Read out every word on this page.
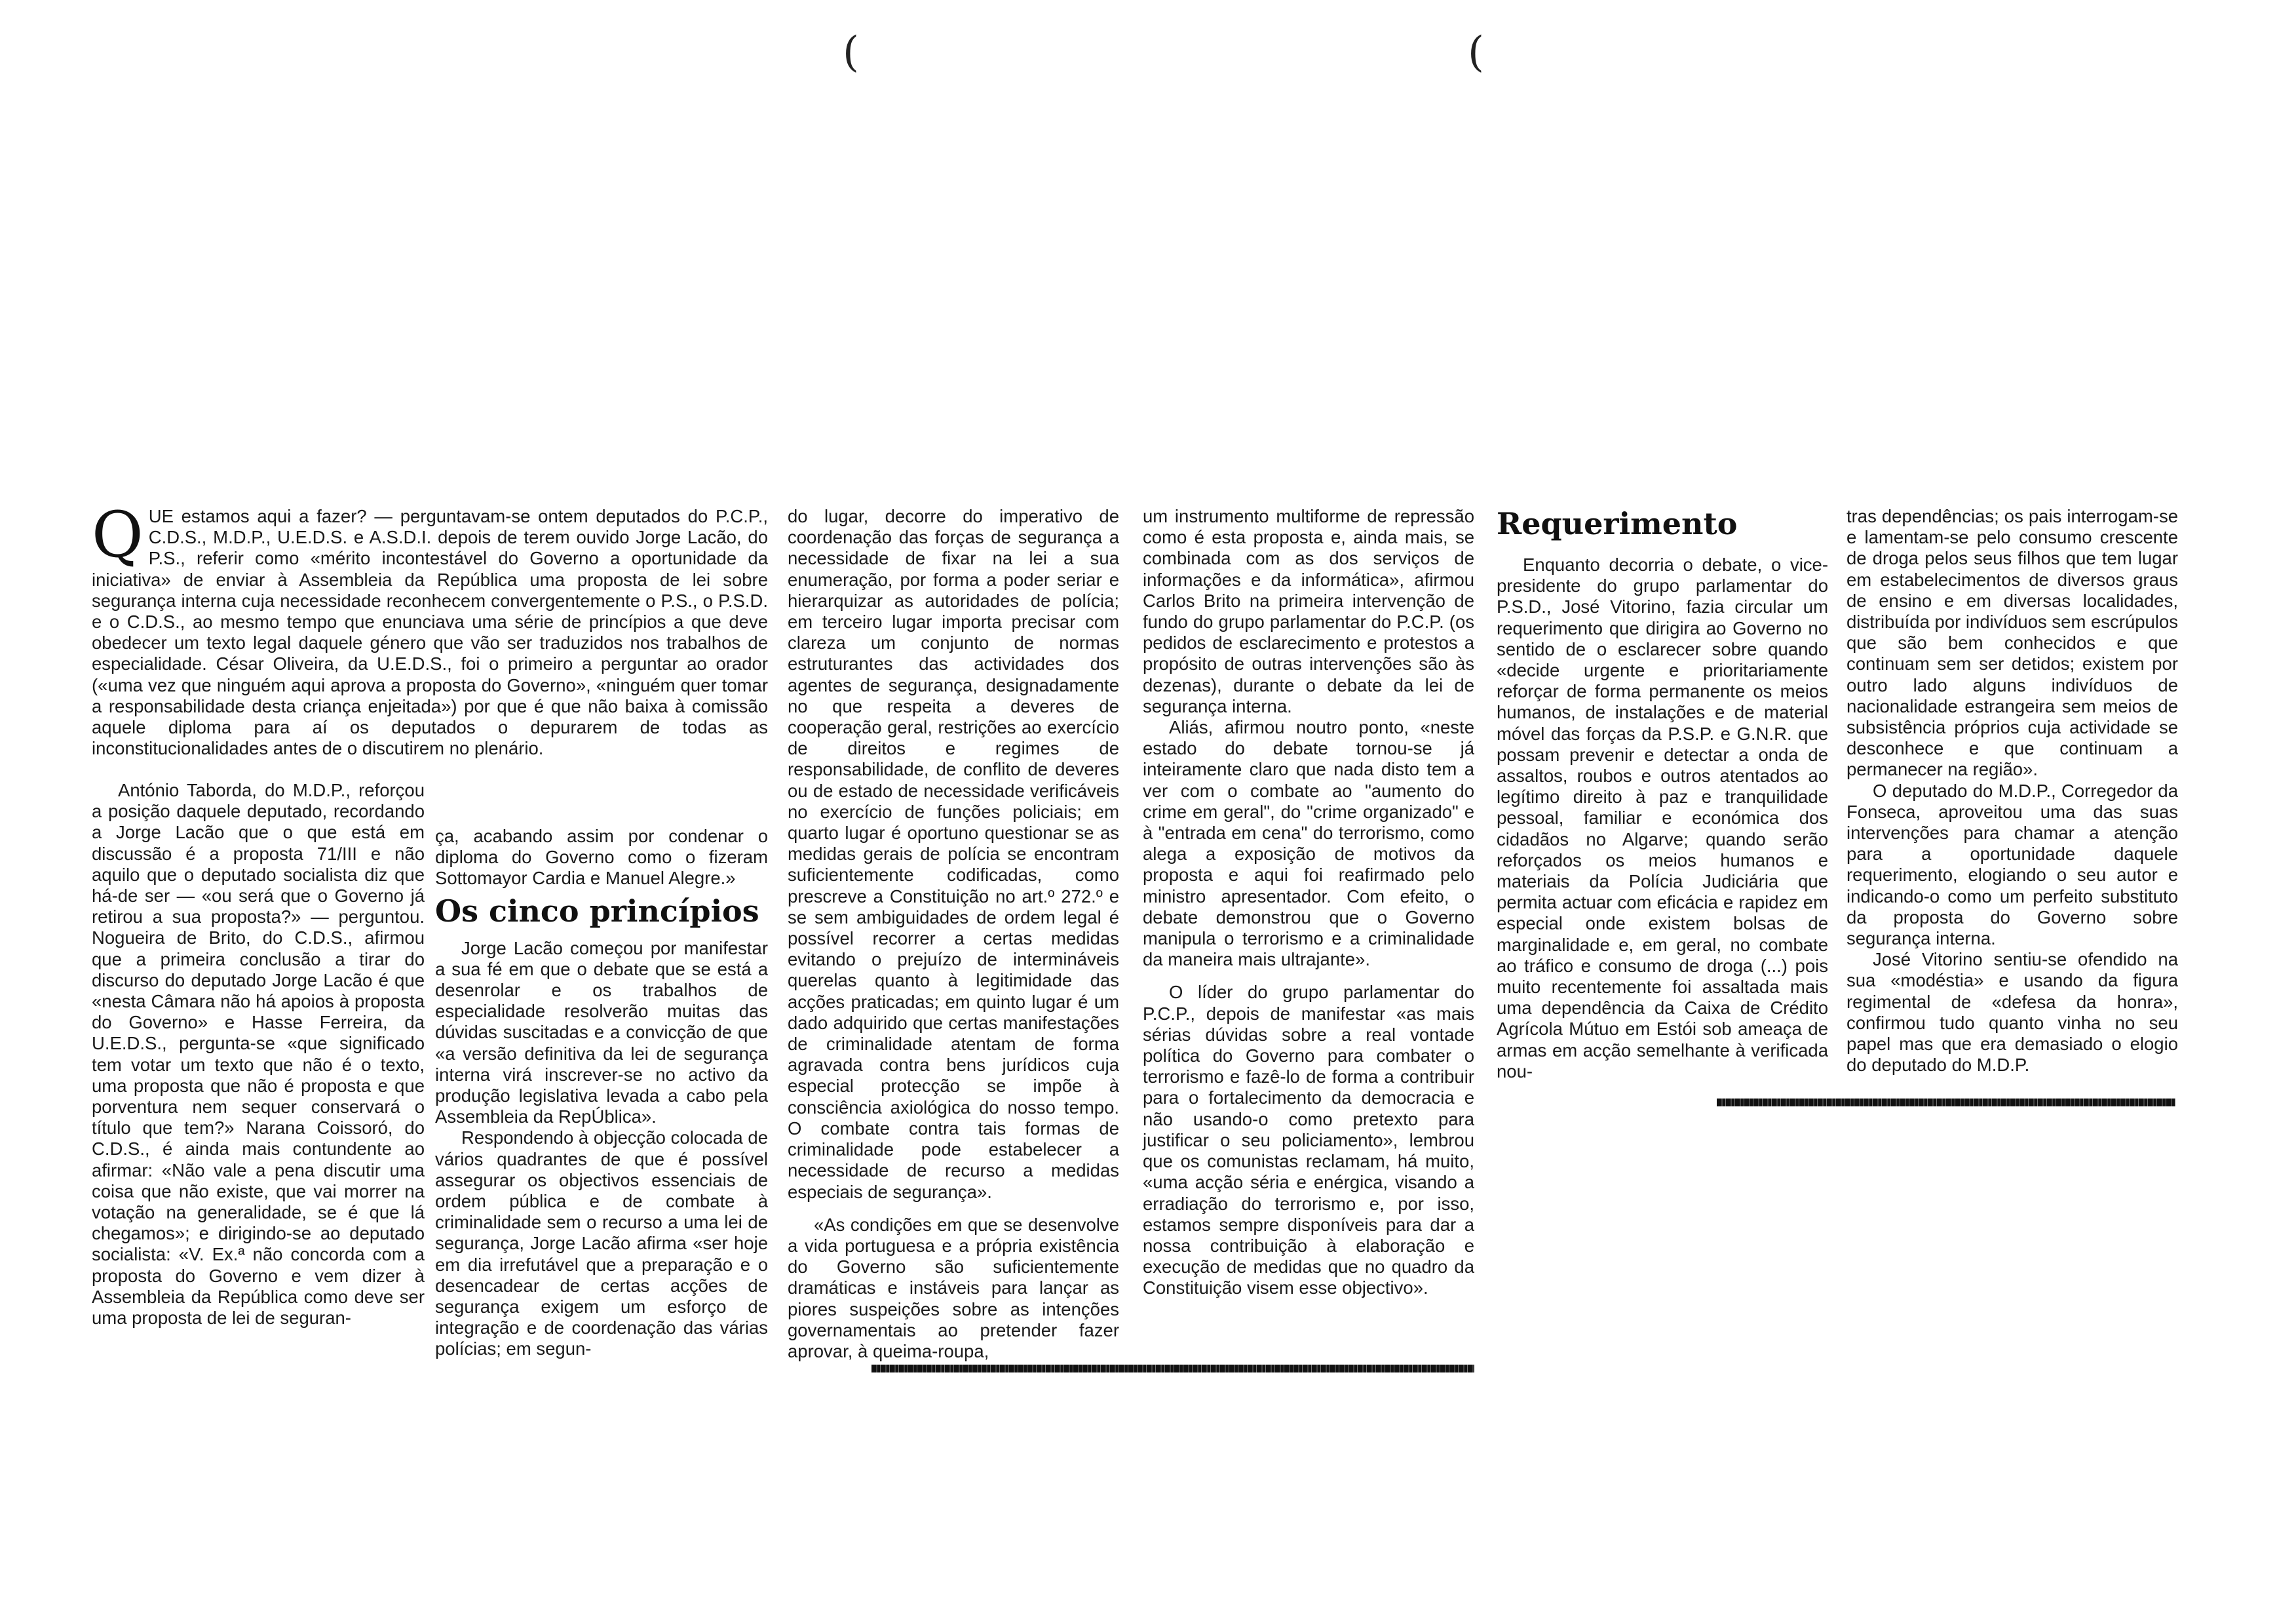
(	(
Q UE estamos aqui a fazer? — perguntavam-se ontem deputados do P.C.P., C.D.S., M.D.P., U.E.D.S. e A.S.D.I. depois de terem ouvido Jorge Lacão, do P.S., referir como «mérito incontestável do Governo a oportunidade da iniciativa» de enviar à Assembleia da República uma proposta de lei sobre segurança interna cuja necessidade reconhecem convergentemente o P.S., o P.S.D. e o C.D.S., ao mesmo tempo que enunciava uma série de princípios a que deve obedecer um texto legal daquele género que vão ser traduzidos nos trabalhos de especialidade. César Oliveira, da U.E.D.S., foi o primeiro a perguntar ao orador («uma vez que ninguém aqui aprova a proposta do Governo», «ninguém quer tomar a responsabilidade desta criança enjeitada») por que é que não baixa à comissão aquele diploma para aí os deputados o depurarem de todas as inconstitucionalidades antes de o discutirem no plenário.

António Taborda, do M.D.P., reforçou a posição daquele deputado, recordando a Jorge Lacão que o que está em discussão é a proposta 71/III e não aquilo que o deputado socialista diz que há-de ser — «ou será que o Governo já retirou a sua proposta?» — perguntou. Nogueira de Brito, do C.D.S., afirmou que a primeira conclusão a tirar do discurso do deputado Jorge Lacão é que «nesta Câmara não há apoios à proposta do Governo» e Hasse Ferreira, da U.E.D.S., pergunta-se «que significado tem votar um texto que não é o texto, uma proposta que não é proposta e que porventura nem sequer conservará o título que tem?» Narana Coissoró, do C.D.S., é ainda mais contundente ao afirmar: «Não vale a pena discutir uma coisa que não existe, que vai morrer na votação na generalidade, se é que lá chegamos»; e dirigindo-se ao deputado socialista: «V. Ex.ª não concorda com a proposta do Governo e vem dizer à Assembleia da República como deve ser uma proposta de lei de seguran-

ça, acabando assim por condenar o diploma do Governo como o fizeram Sottomayor Cardia e Manuel Alegre.»

Os cinco princípios

Jorge Lacão começou por manifestar a sua fé em que o debate que se está a desenrolar e os trabalhos de especialidade resolverão muitas das dúvidas suscitadas e a convicção de que «a versão definitiva da lei de segurança interna virá inscrever-se no activo da produção legislativa levada a cabo pela Assembleia da RepÚblica».

Respondendo à objecção colocada de vários quadrantes de que é possível assegurar os objectivos essenciais de ordem pública e de combate à criminalidade sem o recurso a uma lei de segurança, Jorge Lacão afirma «ser hoje em dia irrefutável que a preparação e o desencadear de certas acções de segurança exigem um esforço de integração e de coordenação das várias polícias; em segun-

do lugar, decorre do imperativo de coordenação das forças de segurança a necessidade de fixar na lei a sua enumeração, por forma a poder seriar e hierarquizar as autoridades de polícia; em terceiro lugar importa precisar com clareza um conjunto de normas estruturantes das actividades dos agentes de segurança, designadamente no que respeita a deveres de cooperação geral, restrições ao exercício de direitos e regimes de responsabilidade, de conflito de deveres ou de estado de necessidade verificáveis no exercício de funções policiais; em quarto lugar é oportuno questionar se as medidas gerais de polícia se encontram suficientemente codificadas, como prescreve a Constituição no art.º 272.º e se sem ambiguidades de ordem legal é possível recorrer a certas medidas evitando o prejuízo de intermináveis querelas quanto à legitimidade das acções praticadas; em quinto lugar é um dado adquirido que certas manifestações de criminalidade atentam de forma agravada contra bens jurídicos cuja especial protecção se impõe à consciência axiológica do nosso tempo. O combate contra tais formas de criminalidade pode estabelecer a necessidade de recurso a medidas especiais de segurança».

«As condições em que se desenvolve a vida portuguesa e a própria existência do Governo são suficientemente dramáticas e instáveis para lançar as piores suspeições sobre as intenções governamentais ao pretender fazer aprovar, à queima-roupa,

um instrumento multiforme de repressão como é esta proposta e, ainda mais, se combinada com as dos serviços de informações e da informática», afirmou Carlos Brito na primeira intervenção de fundo do grupo parlamentar do P.C.P. (os pedidos de esclarecimento e protestos a propósito de outras intervenções são às dezenas), durante o debate da lei de segurança interna.

Aliás, afirmou noutro ponto, «neste estado do debate tornou-se já inteiramente claro que nada disto tem a ver com o combate ao "aumento do crime em geral", do "crime organizado" e à "entrada em cena" do terrorismo, como alega a exposição de motivos da proposta e aqui foi reafirmado pelo ministro apresentador. Com efeito, o debate demonstrou que o Governo manipula o terrorismo e a criminalidade da maneira mais ultrajante».

O líder do grupo parlamentar do P.C.P., depois de manifestar «as mais sérias dúvidas sobre a real vontade política do Governo para combater o terrorismo e fazê-lo de forma a contribuir para o fortalecimento da democracia e não usando-o como pretexto para justificar o seu policiamento», lembrou que os comunistas reclamam, há muito, «uma acção séria e enérgica, visando a erradiação do terrorismo e, por isso, estamos sempre disponíveis para dar a nossa contribuição à elaboração e execução de medidas que no quadro da Constituição visem esse objectivo».

Requerimento

Enquanto decorria o debate, o vice-presidente do grupo parlamentar do P.S.D., José Vitorino, fazia circular um requerimento que dirigira ao Governo no sentido de o esclarecer sobre quando «decide urgente e prioritariamente reforçar de forma permanente os meios humanos, de instalações e de material móvel das forças da P.S.P. e G.N.R. que possam prevenir e detectar a onda de assaltos, roubos e outros atentados ao legítimo direito à paz e tranquilidade pessoal, familiar e económica dos cidadãos no Algarve; quando serão reforçados os meios humanos e materiais da Polícia Judiciária que permita actuar com eficácia e rapidez em especial onde existem bolsas de marginalidade e, em geral, no combate ao tráfico e consumo de droga (...) pois muito recentemente foi assaltada mais uma dependência da Caixa de Crédito Agrícola Mútuo em Estói sob ameaça de armas em acção semelhante à verificada nou-

tras dependências; os pais interrogam-se e lamentam-se pelo consumo crescente de droga pelos seus filhos que tem lugar em estabelecimentos de diversos graus de ensino e em diversas localidades, distribuída por indivíduos sem escrúpulos que são bem conhecidos e que continuam sem ser detidos; existem por outro lado alguns indivíduos de nacionalidade estrangeira sem meios de subsistência próprios cuja actividade se desconhece e que continuam a permanecer na região».

O deputado do M.D.P., Corregedor da Fonseca, aproveitou uma das suas intervenções para chamar a atenção para a oportunidade daquele requerimento, elogiando o seu autor e indicando-o como um perfeito substituto da proposta do Governo sobre segurança interna.

José Vitorino sentiu-se ofendido na sua «modéstia» e usando da figura regimental de «defesa da honra», confirmou tudo quanto vinha no seu papel mas que era demasiado o elogio do deputado do M.D.P.
